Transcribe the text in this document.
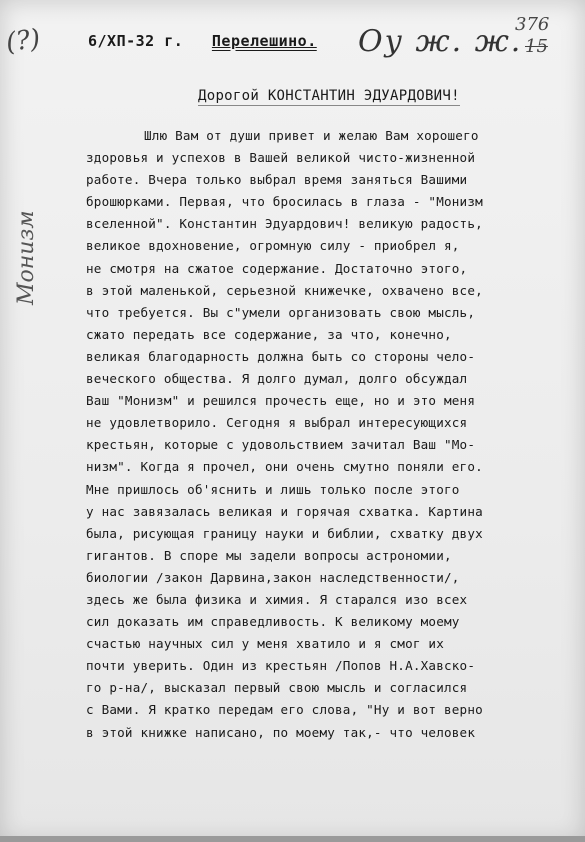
(?)
Монизм
376
15
6/XП-32 г. Перелешино. Оу ж. ж.
Дорогой КОНСТАНТИН ЭДУАРДОВИЧ!
Шлю Вам от души привет и желаю Вам хорошего
здоровья и успехов в Вашей великой чисто-жизненной
работе. Вчера только выбрал время заняться Вашими
брошюрками. Первая, что бросилась в глаза - "Монизм
вселенной". Константин Эдуардович! великую радость,
великое вдохновение, огромную силу - приобрел я,
не смотря на сжатое содержание. Достаточно этого,
в этой маленькой, серьезной книжечке, охвачено все,
что требуется. Вы с"умели организовать свою мысль,
сжато передать все содержание, за что, конечно,
великая благодарность должна быть со стороны чело-
веческого общества. Я долго думал, долго обсуждал
Ваш "Монизм" и решился прочесть еще, но и это меня
не удовлетворило. Сегодня я выбрал интересующихся
крестьян, которые с удовольствием зачитал Ваш "Мо-
низм". Когда я прочел, они очень смутно поняли его.
Мне пришлось об'яснить и лишь только после этого
у нас завязалась великая и горячая схватка. Картина
была, рисующая границу науки и библии, схватку двух
гигантов. В споре мы задели вопросы астрономии,
биологии /закон Дарвина,закон наследственности/,
здесь же была физика и химия. Я старался изо всех
сил доказать им справедливость. К великому моему
счастью научных сил у меня хватило и я смог их
почти уверить. Один из крестьян /Попов Н.А.Хавско-
го р-на/, высказал первый свою мысль и согласился
с Вами. Я кратко передам его слова, "Ну и вот верно
в этой книжке написано, по моему так,- что человек
